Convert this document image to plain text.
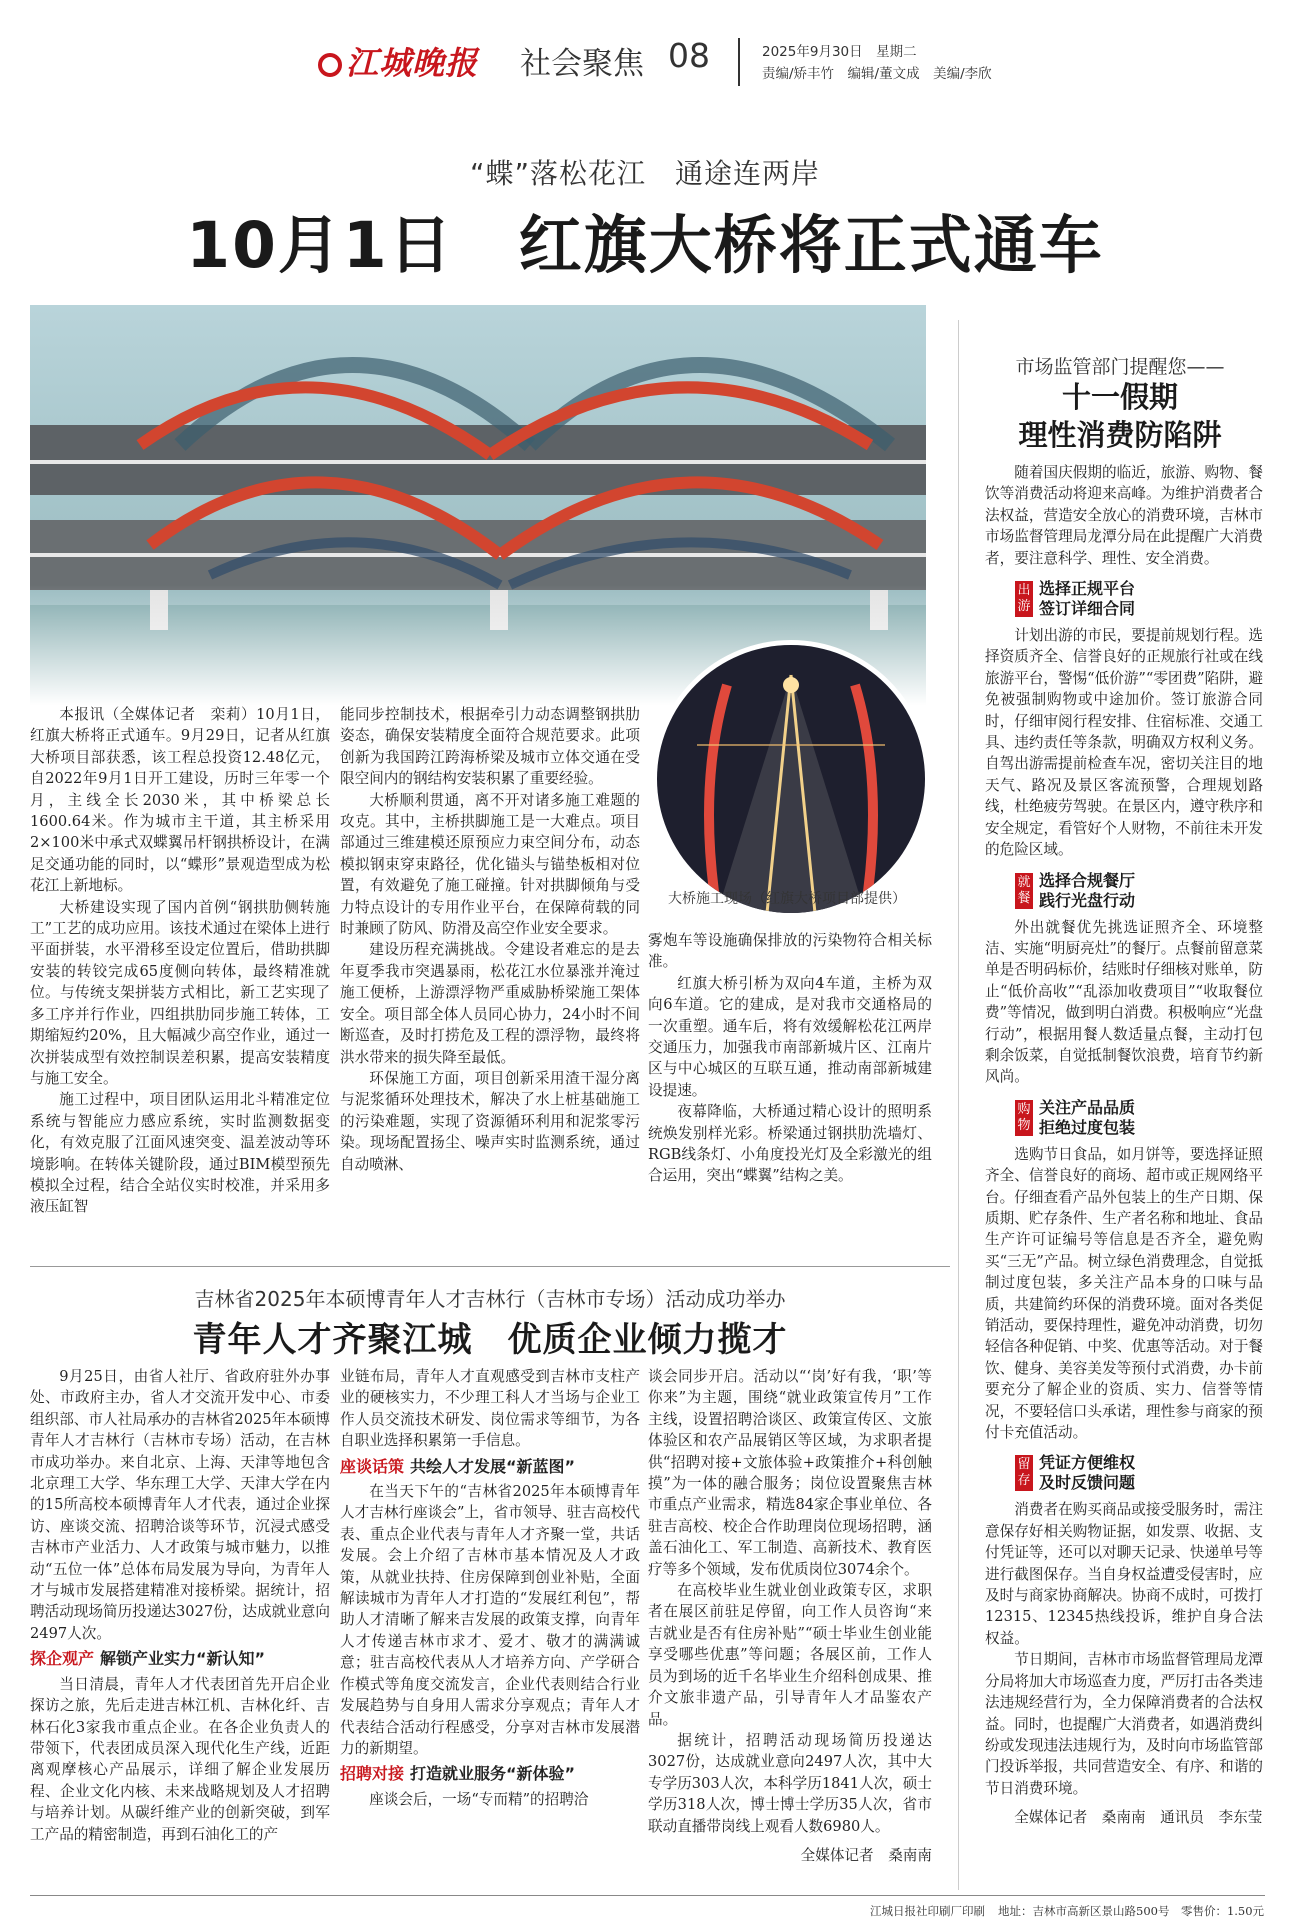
江城晚报	社会聚焦 08	2025年9月30日　星期二
责编/矫丰竹　编辑/董文成　美编/李欣
“蝶”落松花江　通途连两岸
10月1日　红旗大桥将正式通车
大桥施工现场（红旗大桥项目部提供）

本报讯（全媒体记者　栾莉）10月1日，红旗大桥将正式通车。9月29日，记者从红旗大桥项目部获悉，该工程总投资12.48亿元，自2022年9月1日开工建设，历时三年零一个月，主线全长2030米，其中桥梁总长1600.64米。作为城市主干道，其主桥采用2×100米中承式双蝶翼吊杆钢拱桥设计，在满足交通功能的同时，以“蝶形”景观造型成为松花江上新地标。

大桥建设实现了国内首例“钢拱肋侧转施工”工艺的成功应用。该技术通过在梁体上进行平面拼装，水平滑移至设定位置后，借助拱脚安装的转铰完成65度侧向转体，最终精准就位。与传统支架拼装方式相比，新工艺实现了多工序并行作业，四组拱肋同步施工转体，工期缩短约20%，且大幅减少高空作业，通过一次拼装成型有效控制误差积累，提高安装精度与施工安全。

施工过程中，项目团队运用北斗精准定位系统与智能应力感应系统，实时监测数据变化，有效克服了江面风速突变、温差波动等环境影响。在转体关键阶段，通过BIM模型预先模拟全过程，结合全站仪实时校准，并采用多液压缸智

能同步控制技术，根据牵引力动态调整钢拱肋姿态，确保安装精度全面符合规范要求。此项创新为我国跨江跨海桥梁及城市立体交通在受限空间内的钢结构安装积累了重要经验。

大桥顺利贯通，离不开对诸多施工难题的攻克。其中，主桥拱脚施工是一大难点。项目部通过三维建模还原预应力束空间分布，动态模拟钢束穿束路径，优化锚头与锚垫板相对位置，有效避免了施工碰撞。针对拱脚倾角与受力特点设计的专用作业平台，在保障荷载的同时兼顾了防风、防滑及高空作业安全要求。

建设历程充满挑战。令建设者难忘的是去年夏季我市突遇暴雨，松花江水位暴涨并淹过施工便桥，上游漂浮物严重威胁桥梁施工架体安全。项目部全体人员同心协力，24小时不间断巡查，及时打捞危及工程的漂浮物，最终将洪水带来的损失降至最低。

环保施工方面，项目创新采用渣干湿分离与泥浆循环处理技术，解决了水上桩基础施工的污染难题，实现了资源循环利用和泥浆零污染。现场配置扬尘、噪声实时监测系统，通过自动喷淋、

雾炮车等设施确保排放的污染物符合相关标准。

红旗大桥引桥为双向4车道，主桥为双向6车道。它的建成，是对我市交通格局的一次重塑。通车后，将有效缓解松花江两岸交通压力，加强我市南部新城片区、江南片区与中心城区的互联互通，推动南部新城建设提速。

夜幕降临，大桥通过精心设计的照明系统焕发别样光彩。桥梁通过钢拱肋洗墙灯、RGB线条灯、小角度投光灯及全彩激光的组合运用，突出“蝶翼”结构之美。

吉林省2025年本硕博青年人才吉林行（吉林市专场）活动成功举办
青年人才齐聚江城　优质企业倾力揽才

9月25日，由省人社厅、省政府驻外办事处、市政府主办，省人才交流开发中心、市委组织部、市人社局承办的吉林省2025年本硕博青年人才吉林行（吉林市专场）活动，在吉林市成功举办。来自北京、上海、天津等地包含北京理工大学、华东理工大学、天津大学在内的15所高校本硕博青年人才代表，通过企业探访、座谈交流、招聘洽谈等环节，沉浸式感受吉林市产业活力、人才政策与城市魅力，以推动“五位一体”总体布局发展为导向，为青年人才与城市发展搭建精准对接桥梁。据统计，招聘活动现场简历投递达3027份，达成就业意向2497人次。

探企观产 解锁产业实力“新认知”

当日清晨，青年人才代表团首先开启企业探访之旅，先后走进吉林江机、吉林化纤、吉林石化3家我市重点企业。在各企业负责人的带领下，代表团成员深入现代化生产线，近距离观摩核心产品展示，详细了解企业发展历程、企业文化内核、未来战略规划及人才招聘与培养计划。从碳纤维产业的创新突破，到军工产品的精密制造，再到石油化工的产

业链布局，青年人才直观感受到吉林市支柱产业的硬核实力，不少理工科人才当场与企业工作人员交流技术研发、岗位需求等细节，为各自职业选择积累第一手信息。

座谈话策 共绘人才发展“新蓝图”

在当天下午的“吉林省2025年本硕博青年人才吉林行座谈会”上，省市领导、驻吉高校代表、重点企业代表与青年人才齐聚一堂，共话发展。会上介绍了吉林市基本情况及人才政策，从就业扶持、住房保障到创业补贴，全面解读城市为青年人才打造的“发展红利包”，帮助人才清晰了解来吉发展的政策支撑，向青年人才传递吉林市求才、爱才、敬才的满满诚意；驻吉高校代表从人才培养方向、产学研合作模式等角度交流发言，企业代表则结合行业发展趋势与自身用人需求分享观点；青年人才代表结合活动行程感受，分享对吉林市发展潜力的新期望。

招聘对接 打造就业服务“新体验”

座谈会后，一场“专而精”的招聘洽

谈会同步开启。活动以“‘岗’好有我，‘职’等你来”为主题，围绕“就业政策宣传月”工作主线，设置招聘洽谈区、政策宣传区、文旅体验区和农产品展销区等区域，为求职者提供“招聘对接+文旅体验+政策推介+科创触摸”为一体的融合服务；岗位设置聚焦吉林市重点产业需求，精选84家企事业单位、各驻吉高校、校企合作助理岗位现场招聘，涵盖石油化工、军工制造、高新技术、教育医疗等多个领域，发布优质岗位3074余个。

在高校毕业生就业创业政策专区，求职者在展区前驻足停留，向工作人员咨询“来吉就业是否有住房补贴”“硕士毕业生创业能享受哪些优惠”等问题；各展区前，工作人员为到场的近千名毕业生介绍科创成果、推介文旅非遗产品，引导青年人才品鉴农产品。

据统计，招聘活动现场简历投递达3027份，达成就业意向2497人次，其中大专学历303人次，本科学历1841人次，硕士学历318人次，博士博士学历35人次，省市联动直播带岗线上观看人数6980人。

全媒体记者　桑南南

市场监管部门提醒您——
十一假期
理性消费防陷阱

随着国庆假期的临近，旅游、购物、餐饮等消费活动将迎来高峰。为维护消费者合法权益，营造安全放心的消费环境，吉林市市场监督管理局龙潭分局在此提醒广大消费者，要注意科学、理性、安全消费。

出游
选择正规平台
签订详细合同

计划出游的市民，要提前规划行程。选择资质齐全、信誉良好的正规旅行社或在线旅游平台，警惕“低价游”“零团费”陷阱，避免被强制购物或中途加价。签订旅游合同时，仔细审阅行程安排、住宿标准、交通工具、违约责任等条款，明确双方权利义务。自驾出游需提前检查车况，密切关注目的地天气、路况及景区客流预警，合理规划路线，杜绝疲劳驾驶。在景区内，遵守秩序和安全规定，看管好个人财物，不前往未开发的危险区域。

就餐
选择合规餐厅
践行光盘行动

外出就餐优先挑选证照齐全、环境整洁、实施“明厨亮灶”的餐厅。点餐前留意菜单是否明码标价，结账时仔细核对账单，防止“低价高收”“乱添加收费项目”“收取餐位费”等情况，做到明白消费。积极响应“光盘行动”，根据用餐人数适量点餐，主动打包剩余饭菜，自觉抵制餐饮浪费，培育节约新风尚。

购物
关注产品品质
拒绝过度包装

选购节日食品，如月饼等，要选择证照齐全、信誉良好的商场、超市或正规网络平台。仔细查看产品外包装上的生产日期、保质期、贮存条件、生产者名称和地址、食品生产许可证编号等信息是否齐全，避免购买“三无”产品。树立绿色消费理念，自觉抵制过度包装，多关注产品本身的口味与品质，共建简约环保的消费环境。面对各类促销活动，要保持理性，避免冲动消费，切勿轻信各种促销、中奖、优惠等活动。对于餐饮、健身、美容美发等预付式消费，办卡前要充分了解企业的资质、实力、信誉等情况，不要轻信口头承诺，理性参与商家的预付卡充值活动。

留存
凭证方便维权
及时反馈问题

消费者在购买商品或接受服务时，需注意保存好相关购物证据，如发票、收据、支付凭证等，还可以对聊天记录、快递单号等进行截图保存。当自身权益遭受侵害时，应及时与商家协商解决。协商不成时，可拨打12315、12345热线投诉，维护自身合法权益。

节日期间，吉林市市场监督管理局龙潭分局将加大市场巡查力度，严厉打击各类违法违规经营行为，全力保障消费者的合法权益。同时，也提醒广大消费者，如遇消费纠纷或发现违法违规行为，及时向市场监管部门投诉举报，共同营造安全、有序、和谐的节日消费环境。

全媒体记者　桑南南　通讯员　李东莹

江城日报社印刷厂印刷 地址：吉林市高新区景山路500号　零售价：1.50元
